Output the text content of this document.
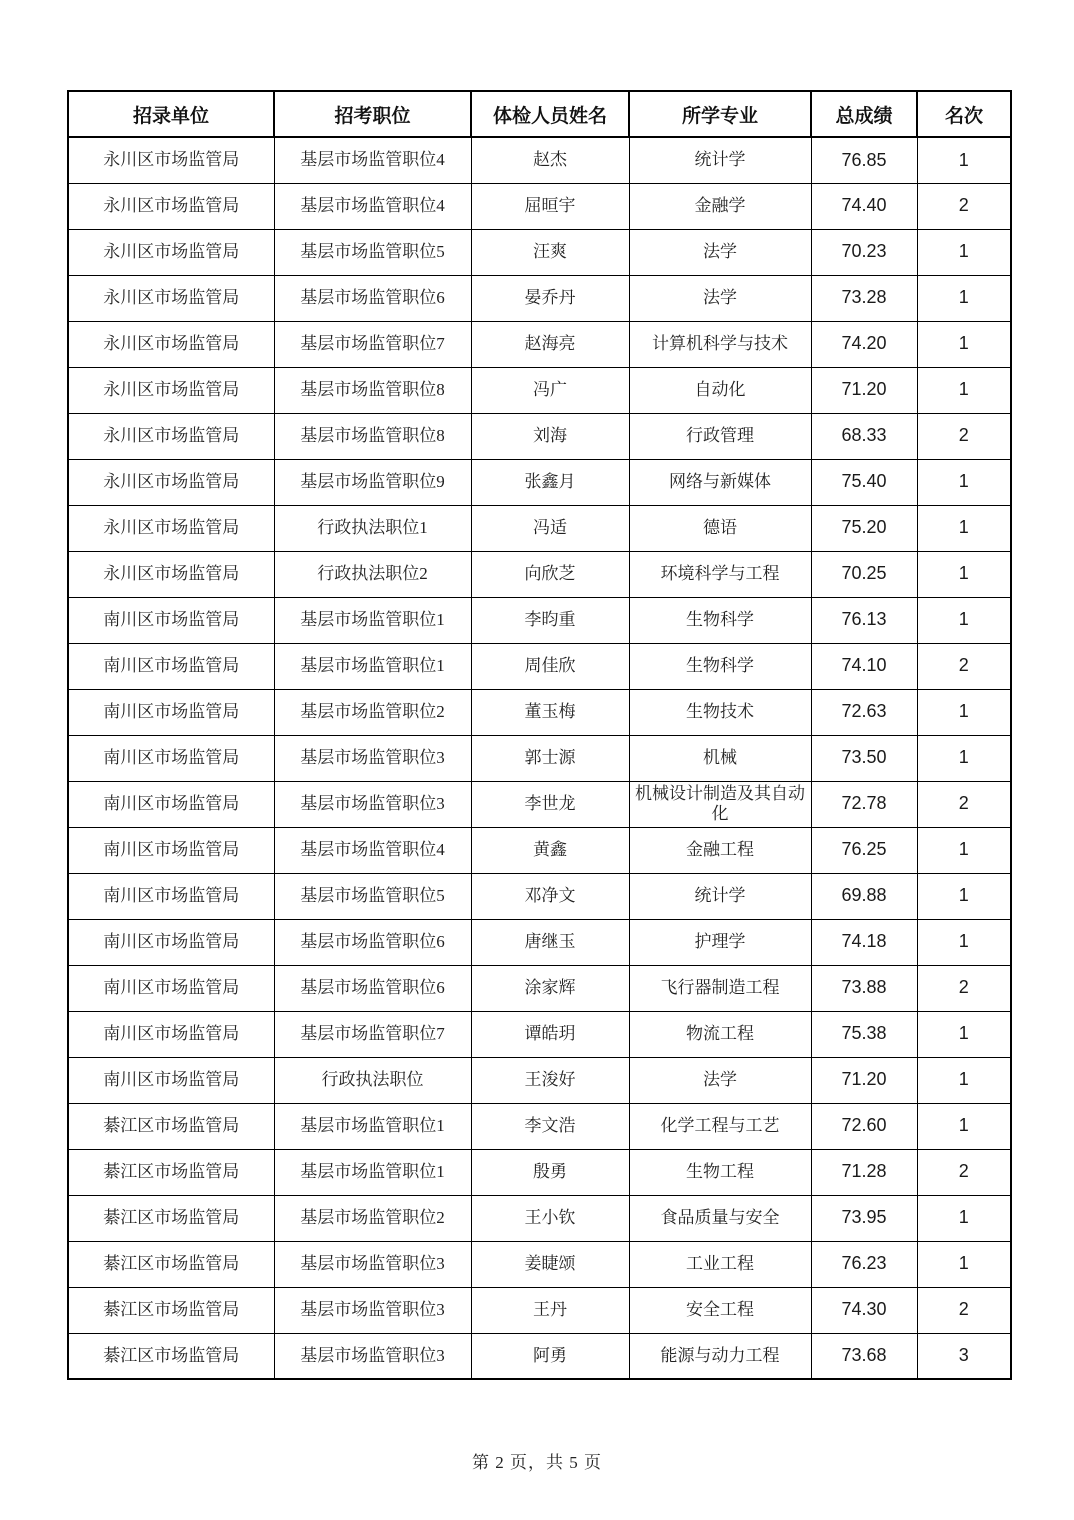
招录单位	招考职位	体检人员姓名	所学专业	总成绩	名次
永川区市场监管局	基层市场监管职位4	赵杰	统计学	76.85	1
永川区市场监管局	基层市场监管职位4	屈晅宇	金融学	74.40	2
永川区市场监管局	基层市场监管职位5	汪爽	法学	70.23	1
永川区市场监管局	基层市场监管职位6	晏乔丹	法学	73.28	1
永川区市场监管局	基层市场监管职位7	赵海亮	计算机科学与技术	74.20	1
永川区市场监管局	基层市场监管职位8	冯广	自动化	71.20	1
永川区市场监管局	基层市场监管职位8	刘海	行政管理	68.33	2
永川区市场监管局	基层市场监管职位9	张鑫月	网络与新媒体	75.40	1
永川区市场监管局	行政执法职位1	冯适	德语	75.20	1
永川区市场监管局	行政执法职位2	向欣芝	环境科学与工程	70.25	1
南川区市场监管局	基层市场监管职位1	李昀重	生物科学	76.13	1
南川区市场监管局	基层市场监管职位1	周佳欣	生物科学	74.10	2
南川区市场监管局	基层市场监管职位2	董玉梅	生物技术	72.63	1
南川区市场监管局	基层市场监管职位3	郭士源	机械	73.50	1
南川区市场监管局	基层市场监管职位3	李世龙	机械设计制造及其自动化	72.78	2
南川区市场监管局	基层市场监管职位4	黄鑫	金融工程	76.25	1
南川区市场监管局	基层市场监管职位5	邓净文	统计学	69.88	1
南川区市场监管局	基层市场监管职位6	唐继玉	护理学	74.18	1
南川区市场监管局	基层市场监管职位6	涂家辉	飞行器制造工程	73.88	2
南川区市场监管局	基层市场监管职位7	谭皓玥	物流工程	75.38	1
南川区市场监管局	行政执法职位	王浚好	法学	71.20	1
綦江区市场监管局	基层市场监管职位1	李文浩	化学工程与工艺	72.60	1
綦江区市场监管局	基层市场监管职位1	殷勇	生物工程	71.28	2
綦江区市场监管局	基层市场监管职位2	王小钦	食品质量与安全	73.95	1
綦江区市场监管局	基层市场监管职位3	姜睫颂	工业工程	76.23	1
綦江区市场监管局	基层市场监管职位3	王丹	安全工程	74.30	2
綦江区市场监管局	基层市场监管职位3	阿勇	能源与动力工程	73.68	3
第 2 页，共 5 页
